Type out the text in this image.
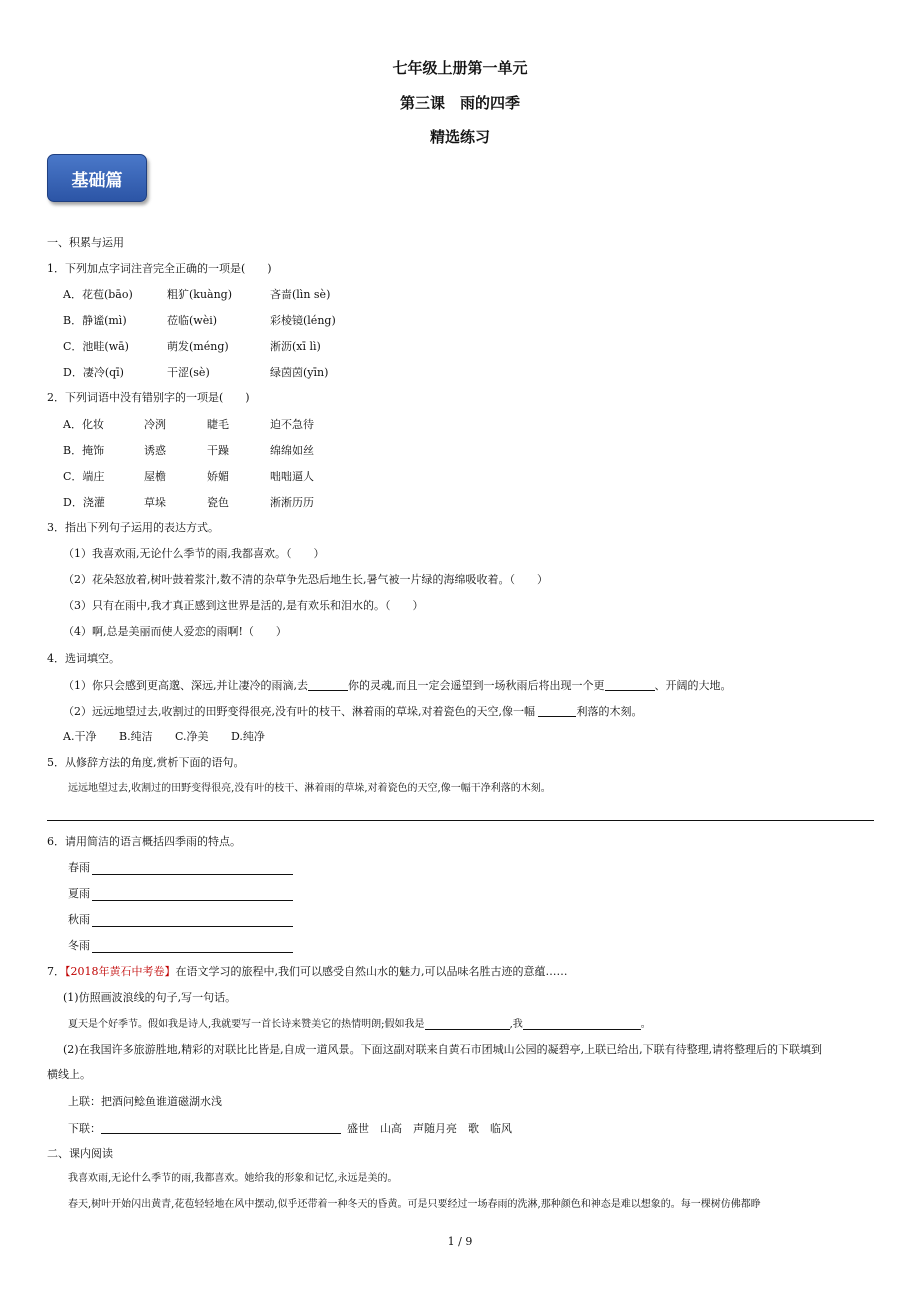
七年级上册第一单元
第三课　雨的四季
精选练习
基础篇
一、积累与运用
1．下列加点字词注音完全正确的一项是(　　)
A．花苞(bāo)	粗犷(kuàng)	吝啬(lìn sè)
B．静谧(mì)	莅临(wèi)	彩棱镜(léng)
C．池畦(wā)	萌发(méng)	淅沥(xī lì)
D．凄冷(qī)	干涩(sè)	绿茵茵(yīn)
2．下列词语中没有错别字的一项是(　　)
A．化妆	冷洌	睫毛	迫不急待
B．掩饰	诱惑	干躁	绵绵如丝
C．端庄	屋檐	娇媚	咄咄逼人
D．浇灌	草垛	瓷色	淅淅历历
3．指出下列句子运用的表达方式。
（1）我喜欢雨,无论什么季节的雨,我都喜欢。（　　）
（2）花朵怒放着,树叶鼓着浆汁,数不清的杂草争先恐后地生长,暑气被一片绿的海绵吸收着。（　　）
（3）只有在雨中,我才真正感到这世界是活的,是有欢乐和泪水的。（　　）
（4）啊,总是美丽而使人爱恋的雨啊!（　　）
4．选词填空。
（1）你只会感到更高邈、深远,并让凄冷的雨滴,去	你的灵魂,而且一定会遥望到一场秋雨后将出现一个更	、开阔的大地。
（2）远远地望过去,收割过的田野变得很亮,没有叶的枝干、淋着雨的草垛,对着瓷色的天空,像一幅	利落的木刻。
A.干净 B.纯洁 C.净美 D.纯净
5．从修辞方法的角度,赏析下面的语句。
远远地望过去,收割过的田野变得很亮,没有叶的枝干、淋着雨的草垛,对着瓷色的天空,像一幅干净利落的木刻。
6．请用简洁的语言概括四季雨的特点。
春雨
夏雨
秋雨
冬雨
7．【2018年黄石中考卷】在语文学习的旅程中,我们可以感受自然山水的魅力,可以品味名胜古迹的意蕴……
(1)仿照画波浪线的句子,写一句话。
夏天是个好季节。假如我是诗人,我就要写一首长诗来赞美它的热情明朗;假如我是	,我	。
(2)在我国许多旅游胜地,精彩的对联比比皆是,自成一道风景。下面这副对联来自黄石市团城山公园的凝碧亭,上联已给出,下联有待整理,请将整理后的下联填到
横线上。
上联：把酒问鲶鱼谁道磁湖水浅
下联：	盛世　山高　声随月亮　歌　临风
二、课内阅读
我喜欢雨,无论什么季节的雨,我都喜欢。她给我的形象和记忆,永远是美的。
春天,树叶开始闪出黄青,花苞轻轻地在风中摆动,似乎还带着一种冬天的昏黄。可是只要经过一场春雨的洗淋,那种颜色和神态是难以想象的。每一棵树仿佛都睁
1 / 9
